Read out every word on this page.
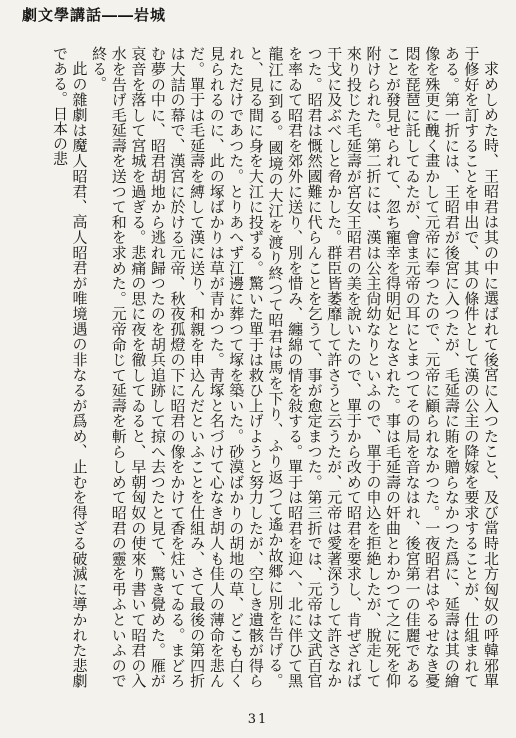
劇文學講話――岩城

求めしめた時、王昭君は其の中に選ばれて後宮に入つたこと、及び當時北方匈奴の呼韓邪單于修好を訂することを申出で、其の條件として漢の公主の降嫁を要求することが、仕組まれてある。第一折には、王昭君が後宮に入つたが、毛延壽に賄を贈らなかつた爲に、延壽は其の繪像を殊更に醜く畫かして元帝に奉つたので、元帝に顧られなかつた。一夜昭君はやるせなき憂悶を琵琶に託してゐたが、會ま元帝の耳にとまつてその局を音なはれ、後宮第一の佳麗であることが發見せられて、忽ち寵幸を得明妃となされた。事は毛延壽の奸曲とわかつて之に死を仰附けられた。第二折には、漢は公主尙幼なりといふので、單于の申込を拒絶したが、脫走して來り投じた毛延壽が宮女王昭君の美を說いたので、單于から改めて昭君を要求し、肯ぜざれば干戈に及ぶべしと脅かした。群臣皆萎靡して許さうと云うたが、元帝は愛著深うして許さなかつた。昭君は慨然國難に代らんことを乞うて、事が愈定まつた。第三折では、元帝は文武百官を率ゐて昭君を郊外に送り、別を惜み、纏綿の情を敍する。單于は昭君を迎へ、北に伴ひて黑龍江に到る。國境の大江を渡り終つて昭君は馬を下り、ふり返つて遙か故郷に別を告げる。と、見る間に身を大江に投ずる。驚いた單于は救ひ上げようと努力したが、空しき遺骸が得られただけであつた。とりあへず江邊に葬つて塚を築いた。砂漠ばかりの胡地の草、どこも白く見られるのに、此の塚ばかりは草が青かつた。靑塚と名づけて心なき胡人も佳人の薄命を悲んだ。單于は毛延壽を縛して漢に送り、和親を申込んだといふことを仕組み、さて最後の第四折は大詰の幕で、漢宮に於ける元帝、秋夜孤燈の下に昭君の像をかけて香を炷いてゐる。まどろむ夢の中に、昭君胡地から逃れ歸つたのを胡兵追跡して掠へ去つたと見て、驚き覺めた。雁が哀音を落して宮城を過ぎる。悲痛の思に夜を徹してゐると、早朝匈奴の使來り書いて昭君の入水を告げ毛延壽を送つて和を求めた。元帝命じて延壽を斬らしめて昭君の靈を弔ふといふので終る。

此の雜劇は魔人昭君、高人昭君が唯境遇の非なるが爲め、止むを得ざる破滅に導かれた悲劇である。日本の悲

31
